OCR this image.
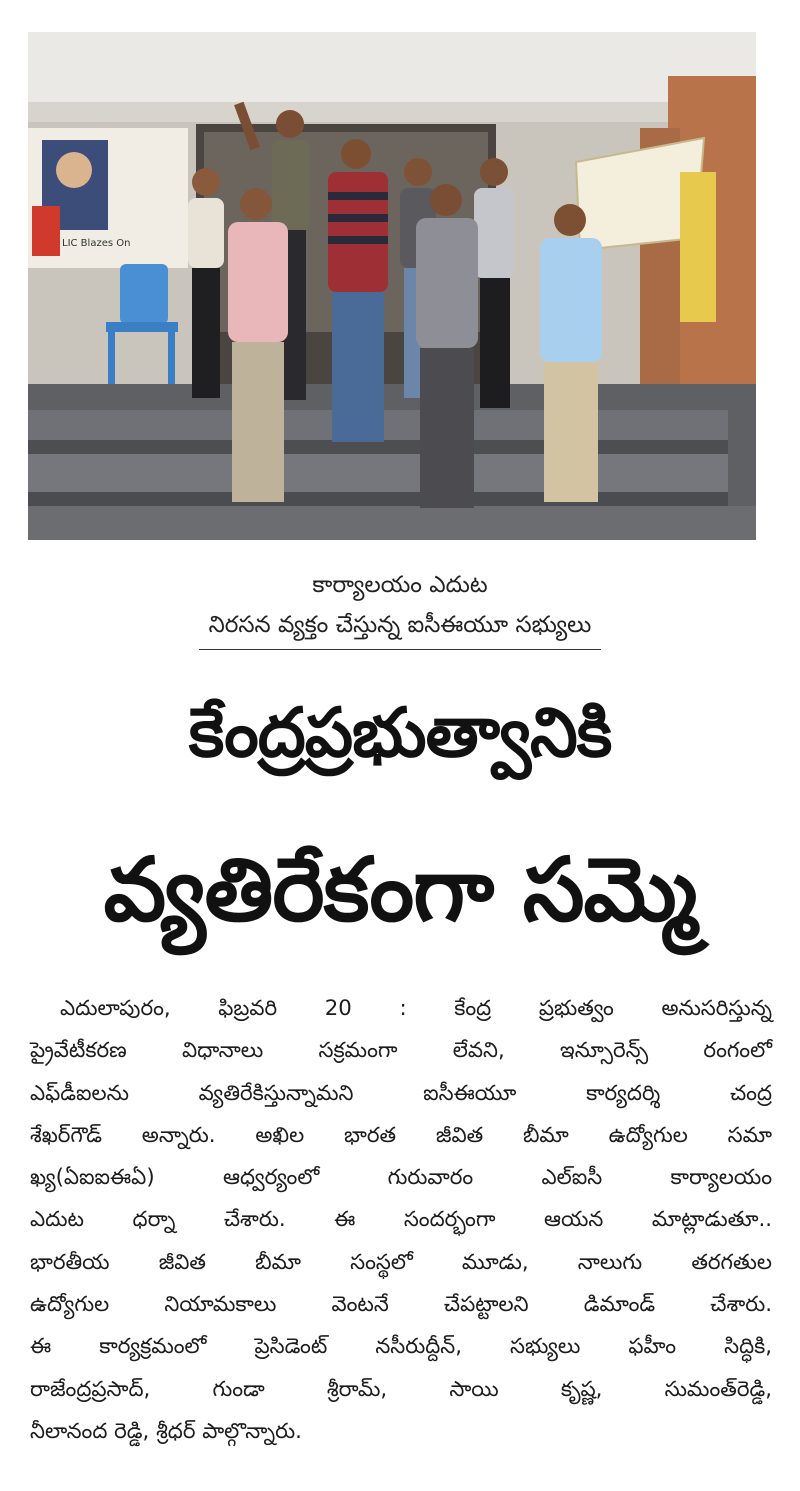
LIC Blazes On
కార్యాలయం ఎదుట
నిరసన వ్యక్తం చేస్తున్న ఐసీఈయూ సభ్యులు
కేంద్రప్రభుత్వానికి
వ్యతిరేకంగా సమ్మె
ఎదులాపురం, ఫిబ్రవరి 20 : కేంద్ర ప్రభుత్వం అనుసరిస్తున్న
ప్రైవేటీకరణ విధానాలు సక్రమంగా లేవని, ఇన్సూరెన్స్ రంగంలో
ఎఫ్‌డీఐలను వ్యతిరేకిస్తున్నామని ఐసీఈయూ కార్యదర్శి చంద్ర
శేఖర్‌గౌడ్ అన్నారు. అఖిల భారత జీవిత బీమా ఉద్యోగుల సమా
ఖ్య(ఏఐఐఈఏ) ఆధ్వర్యంలో గురువారం ఎల్ఐసీ కార్యాలయం
ఎదుట ధర్నా చేశారు. ఈ సందర్భంగా ఆయన మాట్లాడుతూ..
భారతీయ జీవిత బీమా సంస్థలో మూడు, నాలుగు తరగతుల
ఉద్యోగుల నియామకాలు వెంటనే చేపట్టాలని డిమాండ్ చేశారు.
ఈ కార్యక్రమంలో ప్రెసిడెంట్ నసీరుద్దీన్, సభ్యులు ఫహీం సిద్ధికి,
రాజేంద్రప్రసాద్, గుండా శ్రీరామ్, సాయి కృష్ణ, సుమంత్‌రెడ్డి,
నీలానంద రెడ్డి, శ్రీధర్ పాల్గొన్నారు.
